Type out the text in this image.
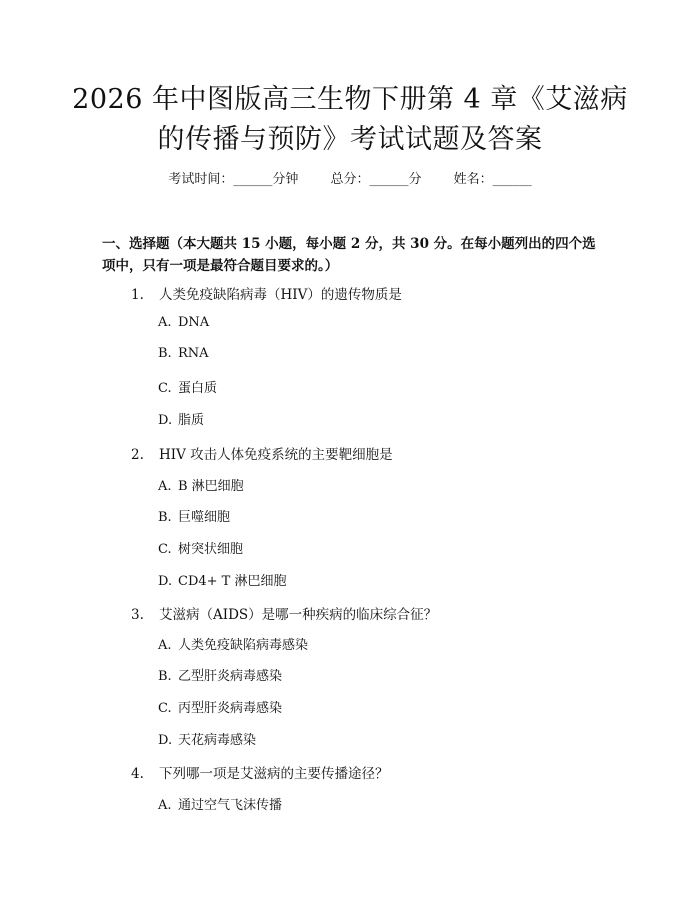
2026 年中图版高三生物下册第 4 章《艾滋病
的传播与预防》考试试题及答案
考试时间：______分钟 总分：______分 姓名：______
一、选择题（本大题共 15 小题，每小题 2 分，共 30 分。在每小题列出的四个选
项中，只有一项是最符合题目要求的。）
1. 人类免疫缺陷病毒（HIV）的遗传物质是
A. DNA
B. RNA
C. 蛋白质
D. 脂质
2. HIV 攻击人体免疫系统的主要靶细胞是
A. B 淋巴细胞
B. 巨噬细胞
C. 树突状细胞
D. CD4+ T 淋巴细胞
3. 艾滋病（AIDS）是哪一种疾病的临床综合征？
A. 人类免疫缺陷病毒感染
B. 乙型肝炎病毒感染
C. 丙型肝炎病毒感染
D. 天花病毒感染
4. 下列哪一项是艾滋病的主要传播途径？
A. 通过空气飞沫传播
